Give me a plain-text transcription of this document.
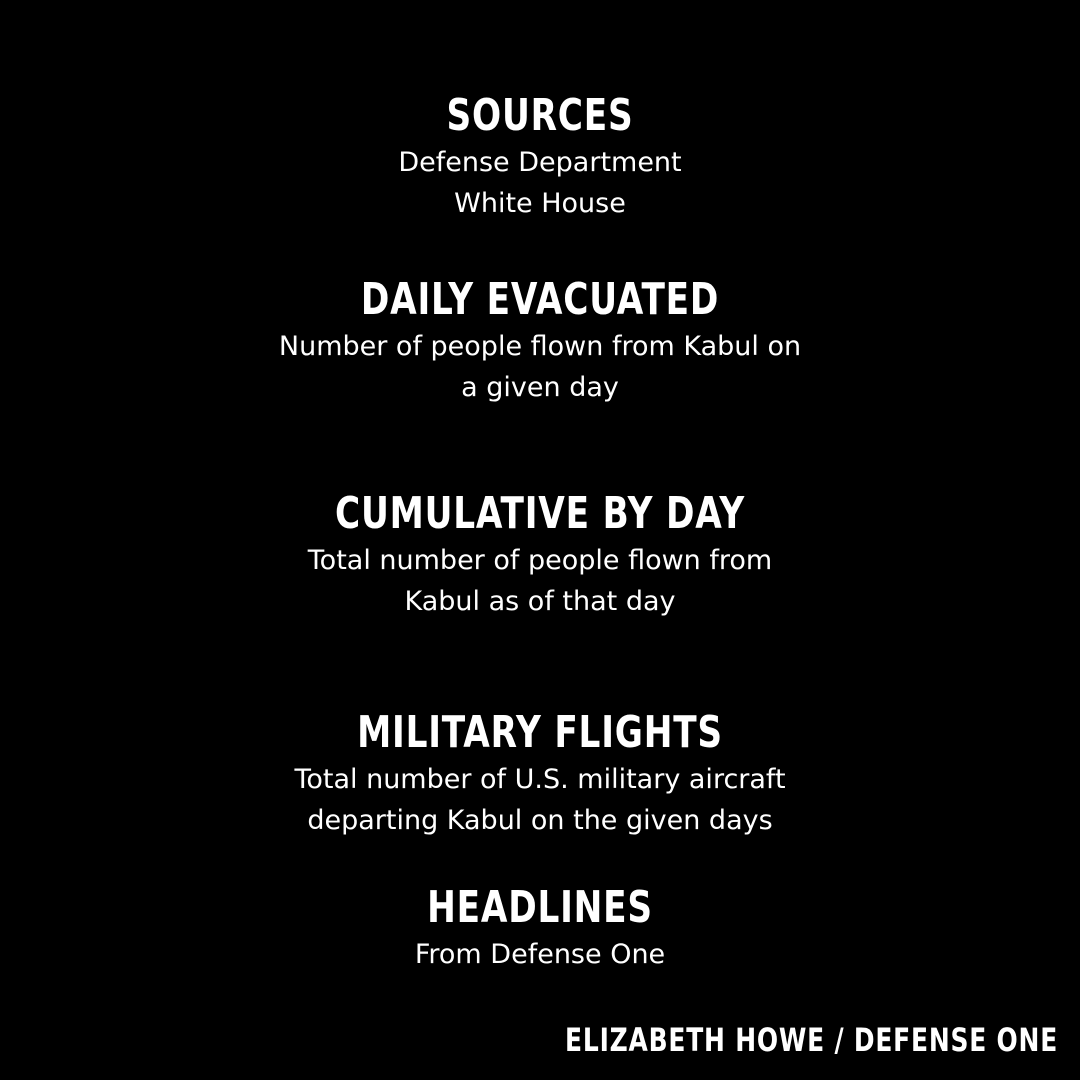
SOURCES
Defense Department
White House
DAILY EVACUATED
Number of people flown from Kabul on
a given day
CUMULATIVE BY DAY
Total number of people flown from
Kabul as of that day
MILITARY FLIGHTS
Total number of U.S. military aircraft
departing Kabul on the given days
HEADLINES
From Defense One
ELIZABETH HOWE / DEFENSE ONE
